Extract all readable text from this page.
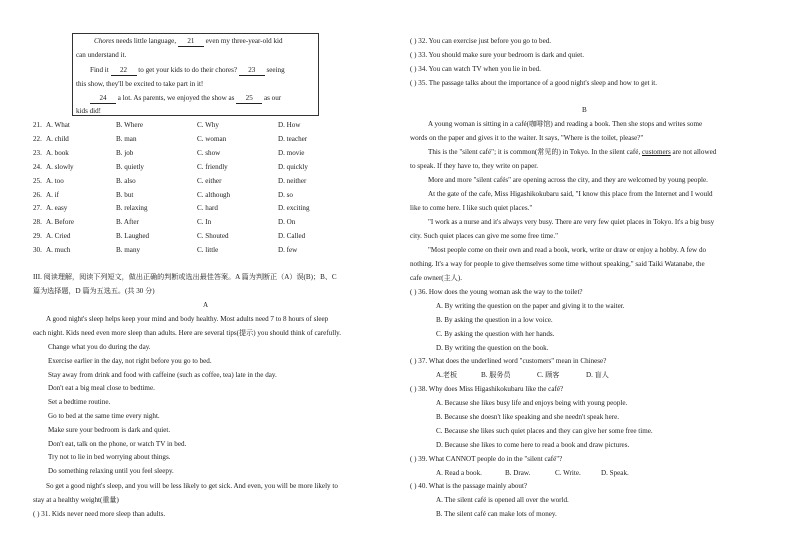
Chores needs little language, 21 even my three-year-old kid
can understand it.
Find it 22 to get your kids to do their chores? 23 seeing
this show, they'll be excited to take part in it!
24 a lot. As parents, we enjoyed the show as 25 as our
kids did!
21. A. What	B. Where	C. Why	D. How
22. A. child	B. man	C. woman	D. teacher
23. A. book	B. job	C. show	D. movie
24. A. slowly	B. quietly	C. friendly	D. quickly
25. A. too	B. also	C. either	D. neither
26. A. if	B. but	C. although	D. so
27. A. easy	B. relaxing	C. hard	D. exciting
28. A. Before	B. After	C. In	D. On
29. A. Cried	B. Laughed	C. Shouted	D. Called
30. A. much	B. many	C. little	D. few
III. 阅读理解，阅读下列短文，做出正确的判断或选出最佳答案。A 篇为判断正（A）误(B)；B、C
篇为选择题，D 篇为五选五。(共 30 分)
A
A good night's sleep helps keep your mind and body healthy. Most adults need 7 to 8 hours of sleep
each night. Kids need even more sleep than adults. Here are several tips(提示) you should think of carefully.
Change what you do during the day.
Exercise earlier in the day, not right before you go to bed.
Stay away from drink and food with caffeine (such as coffee, tea) late in the day.
Don't eat a big meal close to bedtime.
Set a bedtime routine.
Go to bed at the same time every night.
Make sure your bedroom is dark and quiet.
Don't eat, talk on the phone, or watch TV in bed.
Try not to lie in bed worrying about things.
Do something relaxing until you feel sleepy.
So get a good night's sleep, and you will be less likely to get sick. And even, you will be more likely to
stay at a healthy weight(重量)
( ) 31. Kids never need more sleep than adults.
( ) 32. You can exercise just before you go to bed.
( ) 33. You should make sure your bedroom is dark and quiet.
( ) 34. You can watch TV when you lie in bed.
( ) 35. The passage talks about the importance of a good night's sleep and how to get it.
B
A young woman is sitting in a café(咖啡馆) and reading a book. Then she stops and writes some
words on the paper and gives it to the waiter. It says, "Where is the toilet, please?"
This is the "silent café"; it is common(常见的) in Tokyo. In the silent café, customers are not allowed
to speak. If they have to, they write on paper.
More and more "silent cafés" are opening across the city, and they are welcomed by young people.
At the gate of the cafe, Miss Higashikokubaru said, "I know this place from the Internet and I would
like to come here. I like such quiet places."
"I work as a nurse and it's always very busy. There are very few quiet places in Tokyo. It's a big busy
city. Such quiet places can give me some free time."
"Most people come on their own and read a book, work, write or draw or enjoy a hobby. A few do
nothing. It's a way for people to give themselves some time without speaking," said Taiki Watanabe, the
cafe owner(主人).
( ) 36. How does the young woman ask the way to the toilet?
A. By writing the question on the paper and giving it to the waiter.
B. By asking the question in a low voice.
C. By asking the question with her hands.
D. By writing the question on the book.
( ) 37. What does the underlined word "customers" mean in Chinese?
A.老板	B. 服务员	C. 顾客	D. 盲人
( ) 38. Why does Miss Higashikokubaru like the café?
A. Because she likes busy life and enjoys being with young people.
B. Because she doesn't like speaking and she needn't speak here.
C. Because she likes such quiet places and they can give her some free time.
D. Because she likes to come here to read a book and draw pictures.
( ) 39. What CANNOT people do in the "silent café"?
A. Read a book.	B. Draw.	C. Write.	D. Speak.
( ) 40. What is the passage mainly about?
A. The silent café is opened all over the world.
B. The silent café can make lots of money.
